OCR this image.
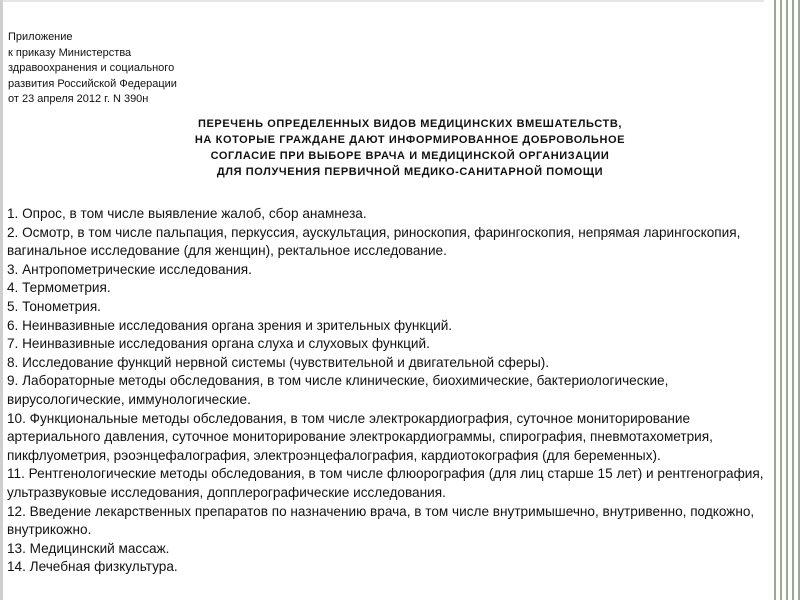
Приложение
к приказу Министерства
здравоохранения и социального
развития Российской Федерации
от 23 апреля 2012 г. N 390н
ПЕРЕЧЕНЬ ОПРЕДЕЛЕННЫХ ВИДОВ МЕДИЦИНСКИХ ВМЕШАТЕЛЬСТВ,
НА КОТОРЫЕ ГРАЖДАНЕ ДАЮТ ИНФОРМИРОВАННОЕ ДОБРОВОЛЬНОЕ
СОГЛАСИЕ ПРИ ВЫБОРЕ ВРАЧА И МЕДИЦИНСКОЙ ОРГАНИЗАЦИИ
ДЛЯ ПОЛУЧЕНИЯ ПЕРВИЧНОЙ МЕДИКО-САНИТАРНОЙ ПОМОЩИ
1. Опрос, в том числе выявление жалоб, сбор анамнеза.
2. Осмотр, в том числе пальпация, перкуссия, аускультация, риноскопия, фарингоскопия, непрямая ларингоскопия, вагинальное исследование (для женщин), ректальное исследование.
3. Антропометрические исследования.
4. Термометрия.
5. Тонометрия.
6. Неинвазивные исследования органа зрения и зрительных функций.
7. Неинвазивные исследования органа слуха и слуховых функций.
8. Исследование функций нервной системы (чувствительной и двигательной сферы).
9. Лабораторные методы обследования, в том числе клинические, биохимические, бактериологические, вирусологические, иммунологические.
10. Функциональные методы обследования, в том числе электрокардиография, суточное мониторирование артериального давления, суточное мониторирование электрокардиограммы, спирография, пневмотахометрия, пикфлуометрия, рэоэнцефалография, электроэнцефалография, кардиотокография (для беременных).
11. Рентгенологические методы обследования, в том числе флюорография (для лиц старше 15 лет) и рентгенография, ультразвуковые исследования, допплерографические исследования.
12. Введение лекарственных препаратов по назначению врача, в том числе внутримышечно, внутривенно, подкожно, внутрикожно.
13. Медицинский массаж.
14. Лечебная физкультура.
